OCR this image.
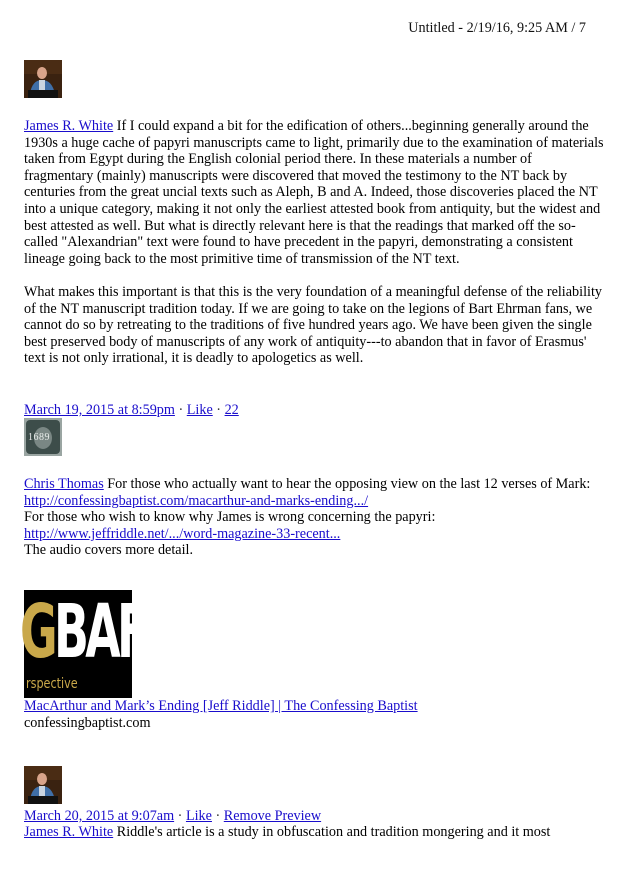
Untitled - 2/19/16, 9:25 AM / 7

James R. White If I could expand a bit for the edification of others...beginning generally around the 1930s a huge cache of papyri manuscripts came to light, primarily due to the examination of materials taken from Egypt during the English colonial period there. In these materials a number of fragmentary (mainly) manuscripts were discovered that moved the testimony to the NT back by centuries from the great uncial texts such as Aleph, B and A. Indeed, those discoveries placed the NT into a unique category, making it not only the earliest attested book from antiquity, but the widest and best attested as well. But what is directly relevant here is that the readings that marked off the so-called "Alexandrian" text were found to have precedent in the papyri, demonstrating a consistent lineage going back to the most primitive time of transmission of the NT text.

What makes this important is that this is the very foundation of a meaningful defense of the reliability of the NT manuscript tradition today. If we are going to take on the legions of Bart Ehrman fans, we cannot do so by retreating to the traditions of five hundred years ago. We have been given the single best preserved body of manuscripts of any work of antiquity---to abandon that in favor of Erasmus' text is not only irrational, it is deadly to apologetics as well.

March 19, 2015 at 8:59pm · Like · 22
1689
Chris Thomas For those who actually want to hear the opposing view on the last 12 verses of Mark:
http://confessingbaptist.com/macarthur-and-marks-ending.../
For those who wish to know why James is wrong concerning the papyri:
http://www.jeffriddle.net/.../word-magazine-33-recent...
The audio covers more detail.
GBAF
rspective
MacArthur and Mark’s Ending [Jeff Riddle] | The Confessing Baptist
confessingbaptist.com
March 20, 2015 at 9:07am · Like · Remove Preview
James R. White Riddle's article is a study in obfuscation and tradition mongering and it most
